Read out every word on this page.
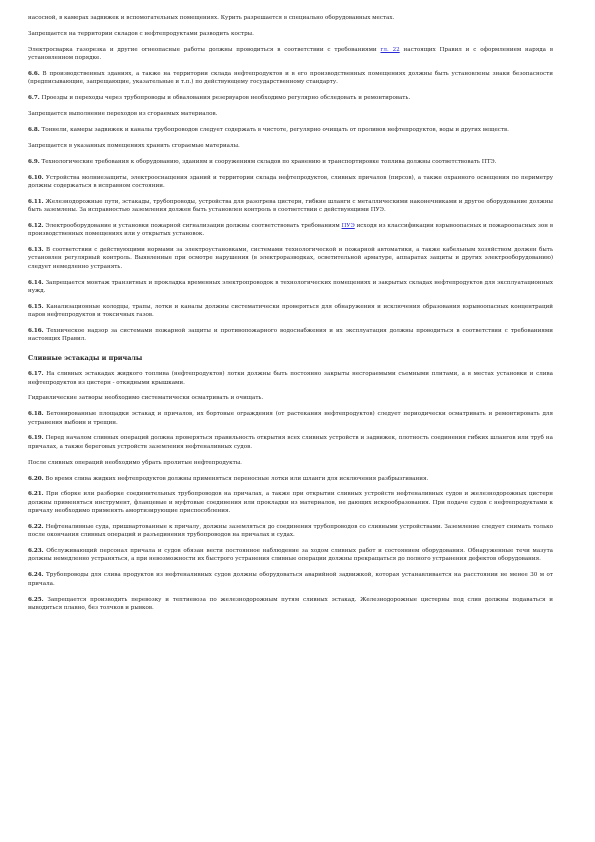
насосной, в камерах задвижек и вспомогательных помещениях. Курить разрешается в специально оборудованных местах.

Запрещается на территории складов с нефтепродуктами разводить костры.

Электросварка газорезка и другие огнеопасные работы должны проводиться в соответствии с требованиями гл. 22 настоящих Правил и с оформлением наряда в установленном порядке.

6.6. В производственных зданиях, а также на территории склада нефтепродуктов и в его производственных помещениях должны быть установлены знаки безопасности (предписывающие, запрещающие, указательные и т.п.) по действующему государственному стандарту.

6.7. Проезды и переходы через трубопроводы и обвалования резервуаров необходимо регулярно обследовать и ремонтировать.

Запрещается выполнение переходов из сгораемых материалов.

6.8. Тоннели, камеры задвижек и каналы трубопроводов следует содержать в чистоте, регулярно очищать от проливов нефтепродуктов, воды и других веществ.

Запрещается в указанных помещениях хранить сгораемые материалы.

6.9. Технологические требования к оборудованию, зданиям и сооружениям складов по хранению и транспортировке топлива должны соответствовать ПТЭ.

6.10. Устройства молниезащиты, электрооснащения зданий и территории склада нефтепродуктов, сливных причалов (пирсов), а также охранного освещения по периметру должны содержаться в исправном состоянии.

6.11. Железнодорожные пути, эстакады, трубопроводы, устройства для разогрева цистерн, гибкие шланги с металлическими наконечниками и другое оборудование должны быть заземлены. За исправностью заземления должен быть установлен контроль в соответствии с действующими ПУЭ.

6.12. Электрооборудование и установки пожарной сигнализации должны соответствовать требованиям ПУЭ исходя из классификации взрывоопасных и пожароопасных зон в производственных помещениях или у открытых установок.

6.13. В соответствии с действующими нормами за электроустановками, системами технологической и пожарной автоматики, а также кабельным хозяйством должен быть установлен регулярный контроль. Выявленные при осмотре нарушения (в электроразводках, осветительной арматуре, аппаратах защиты и других электрооборудованию) следует немедленно устранять.

6.14. Запрещается монтаж транзитных и прокладка временных электропроводок в технологических помещениях и закрытых складах нефтепродуктов для эксплуатационных нужд.

6.15. Канализационные колодцы, трапы, лотки и каналы должны систематически проверяться для обнаружения и исключения образования взрывоопасных концентраций паров нефтепродуктов и токсичных газов.

6.16. Техническое надзор за системами пожарной защиты и противопожарного водоснабжения и их эксплуатация должны проводиться в соответствии с требованиями настоящих Правил.

Сливные эстакады и причалы

6.17. На сливных эстакадах жидкого топлива (нефтепродуктов) лотки должны быть постоянно закрыты несгораемыми съемными плитами, а в местах установки и слива нефтепродуктов из цистерн - откидными крышками.

Гидравлические затворы необходимо систематически осматривать и очищать.

6.18. Бетонированные площадки эстакад и причалов, их бортовые ограждения (от растекания нефтепродуктов) следует периодически осматривать и ремонтировать для устранения выбоин и трещин.

6.19. Перед началом сливных операций должна проверяться правильность открытия всех сливных устройств и задвижек, плотность соединения гибких шлангов или труб на причалах, а также береговых устройств заземления нефтеналивных судов.

После сливных операций необходимо убрать пролитые нефтепродукты.

6.20. Во время слива жидких нефтепродуктов должны применяться переносные лотки или шланги для исключения разбрызгивания.

6.21. При сборке или разборке соединительных трубопроводов на причалах, а также при открытии сливных устройств нефтеналивных судов и железнодорожных цистерн должны применяться инструмент, фланцевые и муфтовые соединения или прокладки из материалов, не дающих искрообразования. При подаче судов с нефтепродуктами к причалу необходимо применять амортизирующие приспособления.

6.22. Нефтеналивные суда, пришвартованные к причалу, должны заземляться до соединения трубопроводов со сливными устройствами. Заземление следует снимать только после окончания сливных операций и разъединения трубопроводов на причалах и судах.

6.23. Обслуживающий персонал причала и судов обязан вести постоянное наблюдение за ходом сливных работ и состоянием оборудования. Обнаруженные течи мазута должны немедленно устраняться, а при невозможности их быстрого устранения сливные операции должны прекращаться до полного устранения дефектов оборудования.

6.24. Трубопроводы для слива продуктов из нефтеналивных судов должны оборудоваться аварийной задвижкой, которая устанавливается на расстоянии не менее 30 м от причала.

6.25. Запрещается производить перевозку и тептиевоза по железнодорожным путям сливных эстакад. Железнодорожные цистерны под слив должны подаваться и выводиться плавно, без толчков и рывков.
